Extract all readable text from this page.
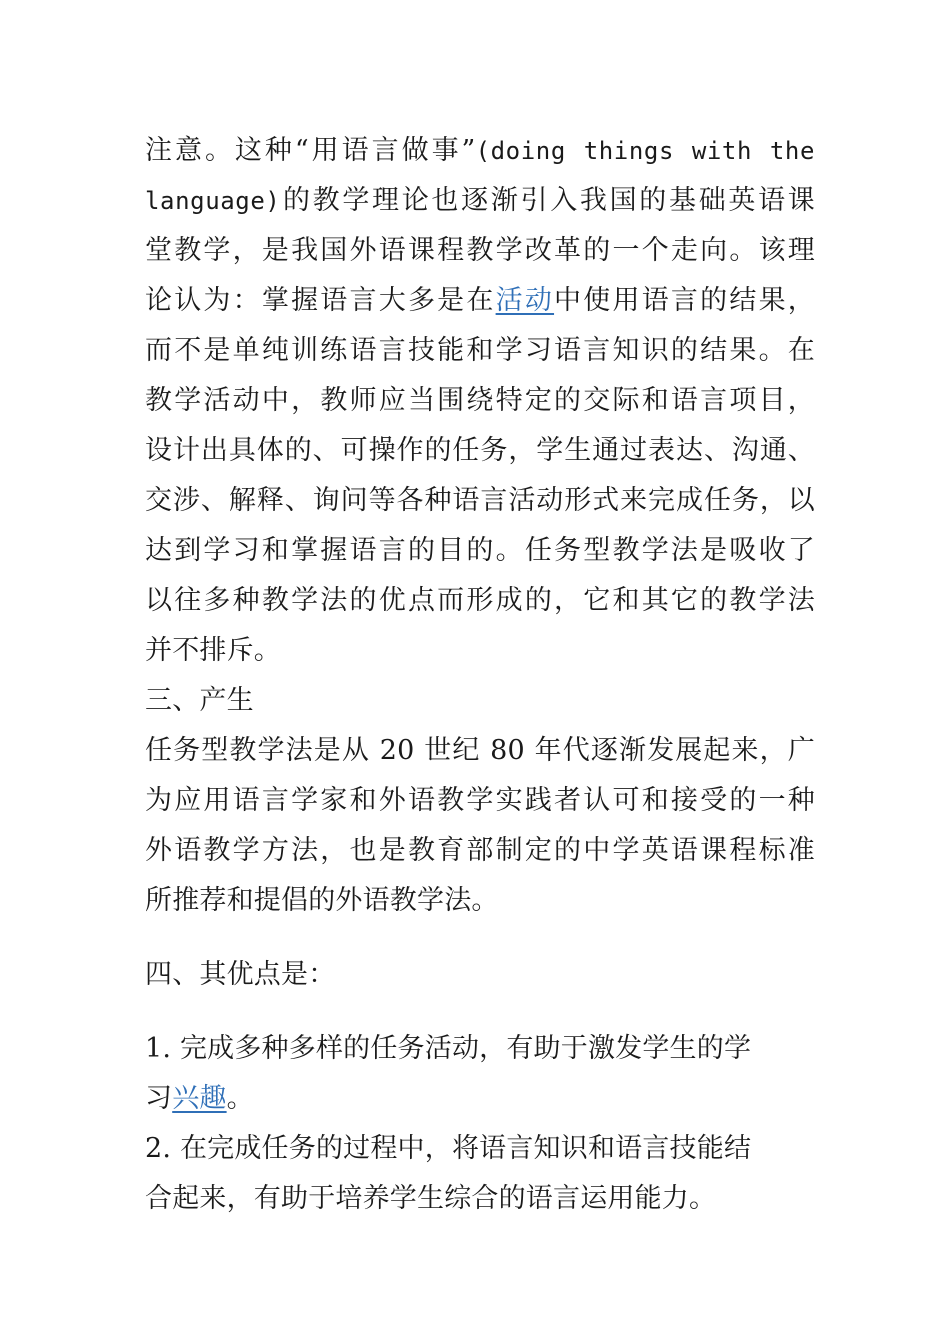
注意。这种“用语言做事”(doing things with the
language)的教学理论也逐渐引入我国的基础英语课
堂教学，是我国外语课程教学改革的一个走向。该理
论认为：掌握语言大多是在活动中使用语言的结果，
而不是单纯训练语言技能和学习语言知识的结果。在
教学活动中，教师应当围绕特定的交际和语言项目，
设计出具体的、可操作的任务，学生通过表达、沟通、
交涉、解释、询问等各种语言活动形式来完成任务，以
达到学习和掌握语言的目的。任务型教学法是吸收了
以往多种教学法的优点而形成的，它和其它的教学法
并不排斥。
三、产生
任务型教学法是从 20 世纪 80 年代逐渐发展起来，广
为应用语言学家和外语教学实践者认可和接受的一种
外语教学方法，也是教育部制定的中学英语课程标准
所推荐和提倡的外语教学法。
四、其优点是：
1. 完成多种多样的任务活动，有助于激发学生的学
习兴趣。
2. 在完成任务的过程中，将语言知识和语言技能结
合起来，有助于培养学生综合的语言运用能力。
